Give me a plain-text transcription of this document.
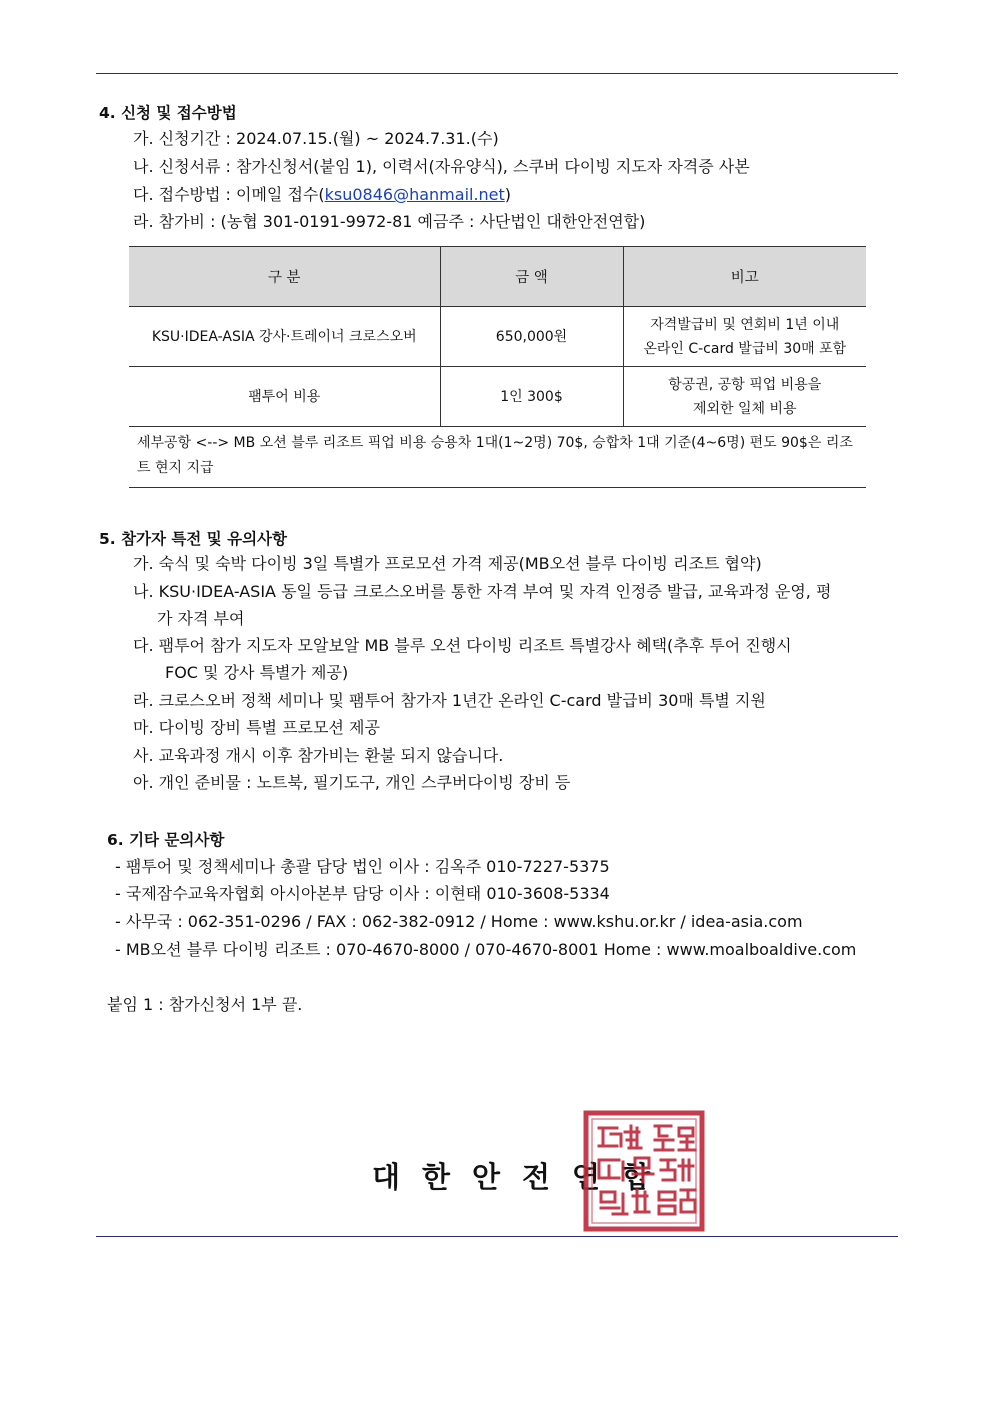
4. 신청 및 접수방법
가. 신청기간 : 2024.07.15.(월) ~ 2024.7.31.(수)
나. 신청서류 : 참가신청서(붙임 1), 이력서(자유양식), 스쿠버 다이빙 지도자 자격증 사본
다. 접수방법 : 이메일 접수(ksu0846@hanmail.net)
라. 참가비 : (농협 301-0191-9972-81 예금주 : 사단법인 대한안전연합)
구 분	금 액	비고
KSU·IDEA-ASIA 강사·트레이너 크로스오버	650,000원	자격발급비 및 연회비 1년 이내
온라인 C-card 발급비 30매 포함

팸투어 비용	1인 300$	항공권, 공항 픽업 비용을
제외한 일체 비용

세부공항 <--> MB 오션 블루 리조트 픽업 비용 승용차 1대(1~2명) 70$, 승합차 1대 기준(4~6명) 편도 90$은 리조트 현지 지급		
5. 참가자 특전 및 유의사항
가. 숙식 및 숙박 다이빙 3일 특별가 프로모션 가격 제공(MB오션 블루 다이빙 리조트 협약)
나. KSU·IDEA-ASIA 동일 등급 크로스오버를 통한 자격 부여 및 자격 인정증 발급, 교육과정 운영, 평
가 자격 부여
다. 팸투어 참가 지도자 모알보알 MB 블루 오션 다이빙 리조트 특별강사 혜택(추후 투어 진행시
FOC 및 강사 특별가 제공)
라. 크로스오버 정책 세미나 및 팸투어 참가자 1년간 온라인 C-card 발급비 30매 특별 지원
마. 다이빙 장비 특별 프로모션 제공
사. 교육과정 개시 이후 참가비는 환불 되지 않습니다.
아. 개인 준비물 : 노트북, 필기도구, 개인 스쿠버다이빙 장비 등
6. 기타 문의사항
- 팸투어 및 정책세미나 총괄 담당 법인 이사 : 김옥주 010-7227-5375
- 국제잠수교육자협회 아시아본부 담당 이사 : 이현태 010-3608-5334
- 사무국 : 062-351-0296 / FAX : 062-382-0912 / Home : www.kshu.or.kr / idea-asia.com
- MB오션 블루 다이빙 리조트 : 070-4670-8000 / 070-4670-8001 Home : www.moalboaldive.com
붙임 1 : 참가신청서 1부 끝.
대한안전연합
